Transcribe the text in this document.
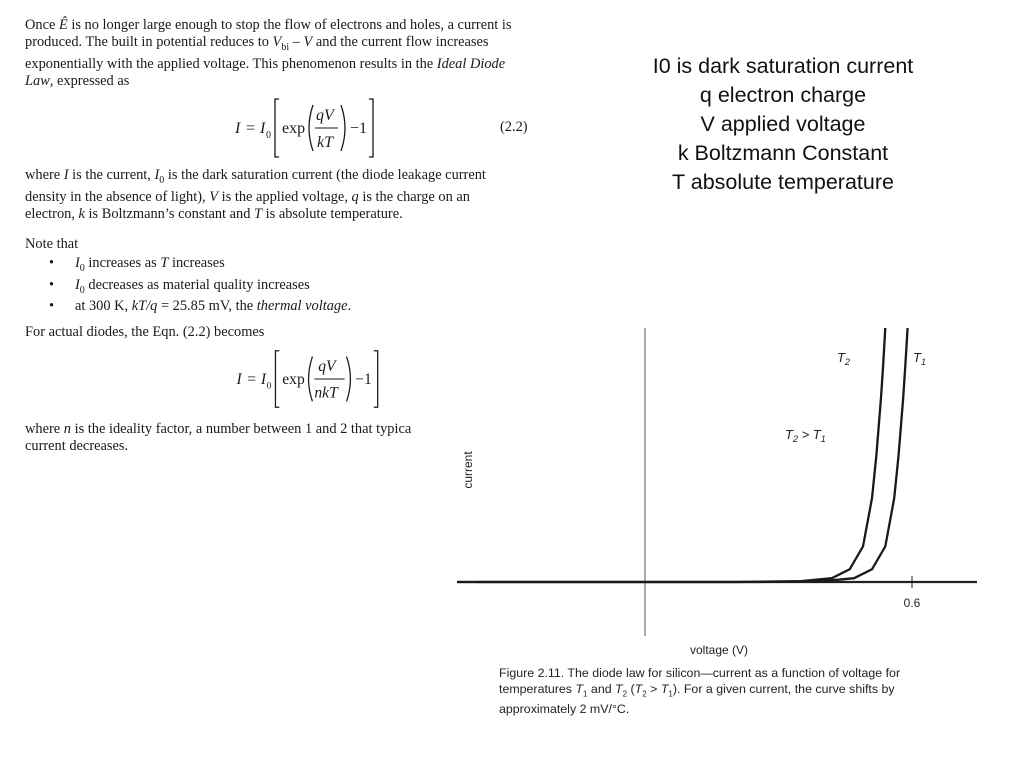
Once Ê is no longer large enough to stop the flow of electrons and holes, a current is
produced. The built in potential reduces to $V_{bi}$ – V and the current flow increases
exponentially with the applied voltage. This phenomenon results in the Ideal Diode
Law, expressed as

I = I 0 exp
qV
kT
−1	(2.2)

where I is the current, $I_0$ is the dark saturation current (the diode leakage current
density in the absence of light), V is the applied voltage, q is the charge on an
electron, k is Boltzmann’s constant and T is absolute temperature.

Note that

• $I_0$ increases as T increases
• $I_0$ decreases as material quality increases
• at 300 K, kT/q = 25.85 mV, the thermal voltage.

For actual diodes, the Eqn. (2.2) becomes

I = I 0 exp
qV
nkT
−1

where n is the ideality factor, a number between 1 and 2 that typica
current decreases.

I0 is dark saturation current
q electron charge
V applied voltage
k Boltzmann Constant
T absolute temperature
0.6
voltage (V)
current
$T_2$	$T_1$
$T_2 > T_1$
Figure 2.11. The diode law for silicon—current as a function of voltage for
temperatures $T_1$ and $T_2$ $(T_2 > T_1)$. For a given current, the curve shifts by
approximately 2 mV/°C.
